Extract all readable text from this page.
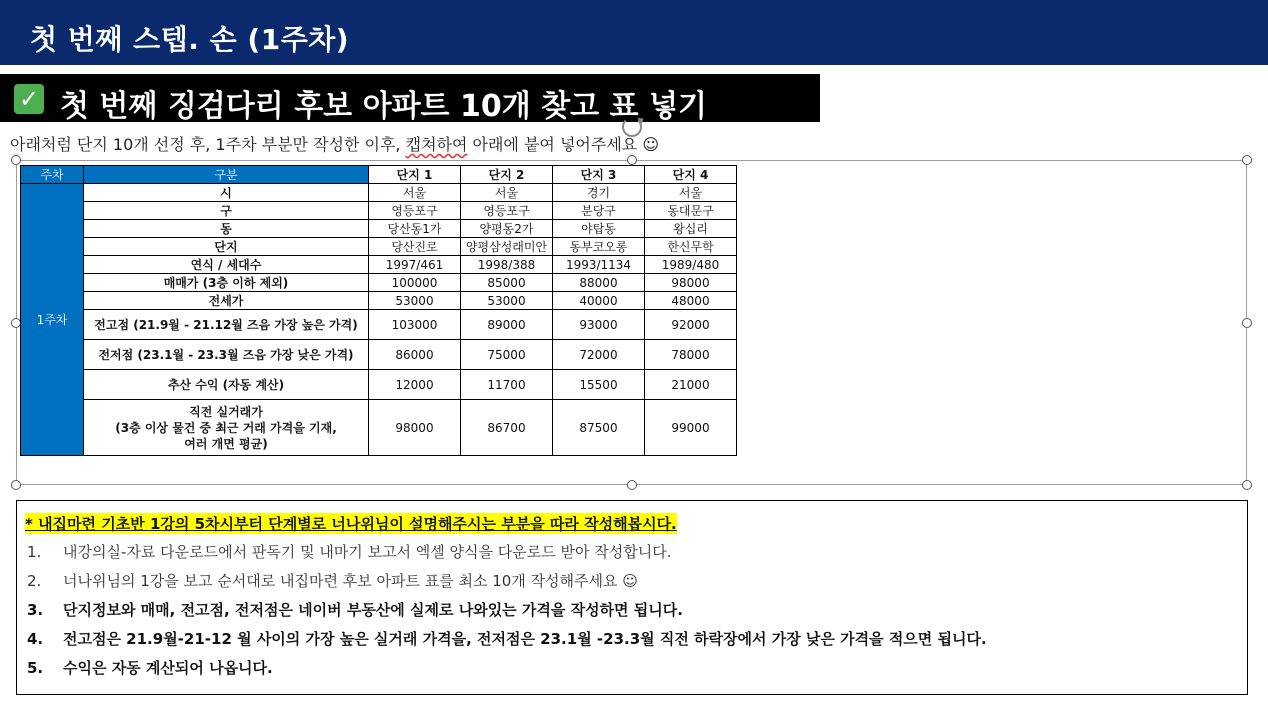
첫 번째 스텝. 손 (1주차)
✓ 첫 번째 징검다리 후보 아파트 10개 찾고 표 넣기

아래처럼 단지 10개 선정 후, 1주차 부분만 작성한 이후, 캡쳐하여 아래에 붙여 넣어주세요 ☺

주차	구분	단지 1	단지 2	단지 3	단지 4
1주차	시	서울	서울	경기	서울
	구	영등포구	영등포구	분당구	동대문구
	동	당산동1가	양평동2가	야탑동	왕십리
	단지	당산진로	양평삼성래미안	동부코오롱	한신무학
	연식 / 세대수	1997/461	1998/388	1993/1134	1989/480
	매매가 (3층 이하 제외)	100000	85000	88000	98000
	전세가	53000	53000	40000	48000
	전고점 (21.9월 - 21.12월 즈음 가장 높은 가격)	103000	89000	93000	92000
	전저점 (23.1월 - 23.3월 즈음 가장 낮은 가격)	86000	75000	72000	78000
	추산 수익 (자동 계산)	12000	11700	15500	21000
	직전 실거래가
(3층 이상 물건 중 최근 거래 가격을 기재,
여러 개면 평균)	98000	86700	87500	99000
* 내집마련 기초반 1강의 5차시부터 단계별로 너나위님이 설명해주시는 부분을 따라 작성해봅시다.
1. 내강의실-자료 다운로드에서 판독기 및 내마기 보고서 엑셀 양식을 다운로드 받아 작성합니다.
2. 너나위님의 1강을 보고 순서대로 내집마련 후보 아파트 표를 최소 10개 작성해주세요 ☺
3. 단지정보와 매매, 전고점, 전저점은 네이버 부동산에 실제로 나와있는 가격을 작성하면 됩니다.
4. 전고점은 21.9월-21-12 월 사이의 가장 높은 실거래 가격을, 전저점은 23.1월 -23.3월 직전 하락장에서 가장 낮은 가격을 적으면 됩니다.
5. 수익은 자동 계산되어 나옵니다.
